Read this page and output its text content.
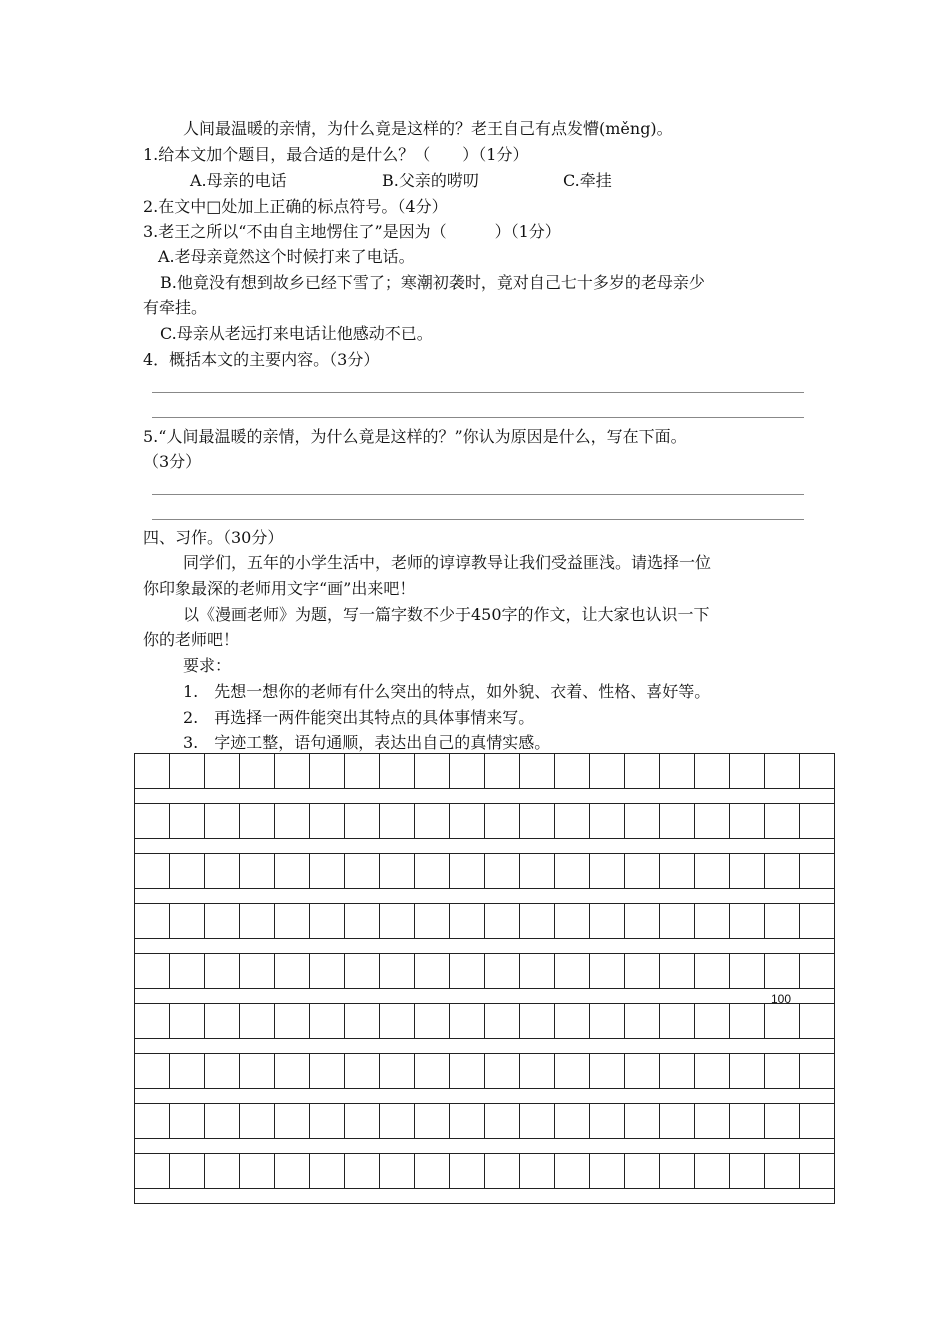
人间最温暖的亲情，为什么竟是这样的？老王自己有点发懵(měng)。
1.给本文加个题目，最合适的是什么？（　　）（1分）
A.母亲的电话	B.父亲的唠叨	C.牵挂
2.在文中□处加上正确的标点符号。（4分）
3.老王之所以“不由自主地愣住了”是因为（　　　）（1分）
A.老母亲竟然这个时候打来了电话。
B.他竟没有想到故乡已经下雪了；寒潮初袭时，竟对自己七十多岁的老母亲少
有牵挂。
C.母亲从老远打来电话让他感动不已。
4．概括本文的主要内容。（3分）
5.“人间最温暖的亲情，为什么竟是这样的？”你认为原因是什么，写在下面。
（3分）
四、习作。（30分）
同学们，五年的小学生活中，老师的谆谆教导让我们受益匪浅。请选择一位
你印象最深的老师用文字“画”出来吧！
以《漫画老师》为题，写一篇字数不少于450字的作文，让大家也认识一下
你的老师吧！
要求：
1.　先想一想你的老师有什么突出的特点，如外貌、衣着、性格、喜好等。
2.　再选择一两件能突出其特点的具体事情来写。
3.　字迹工整，语句通顺，表达出自己的真情实感。

100
